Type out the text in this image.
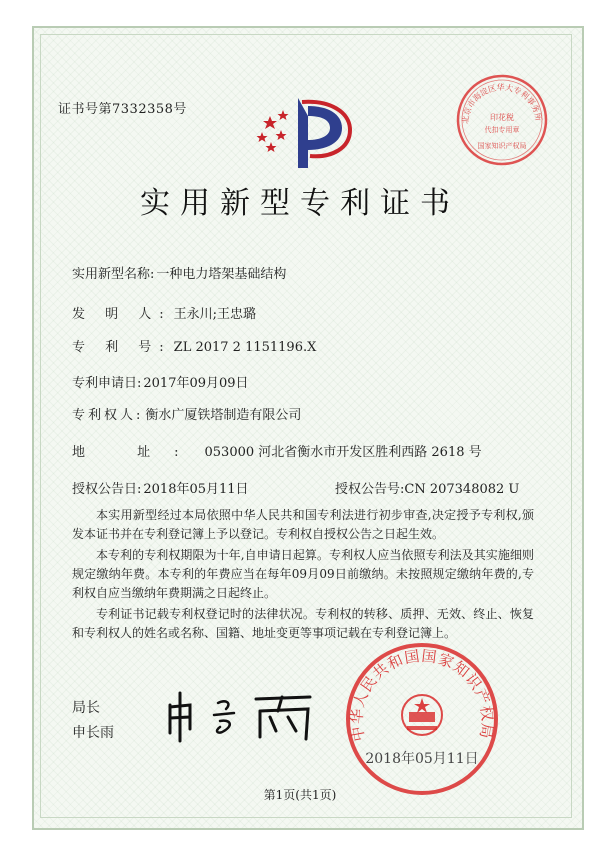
证书号第7332358号
北京市海淀区华大专利事务所
印花税
代扣专用章
国家知识产权局
实用新型专利证书
实用新型名称: 一种电力塔架基础结构
发 明 人: 王永川;王忠璐
专 利 号: ZL 2017 2 1151196.X
专利申请日: 2017年09月09日
专利权人: 衡水广厦铁塔制造有限公司
地 址: 053000 河北省衡水市开发区胜利西路 2618 号
授权公告日: 2018年05月11日	授权公告号:CN 207348082 U

本实用新型经过本局依照中华人民共和国专利法进行初步审查,决定授予专利权,颁发本证书并在专利登记簿上予以登记。专利权自授权公告之日起生效。

本专利的专利权期限为十年,自申请日起算。专利权人应当依照专利法及其实施细则规定缴纳年费。本专利的年费应当在每年09月09日前缴纳。未按照规定缴纳年费的,专利权自应当缴纳年费期满之日起终止。

专利证书记载专利权登记时的法律状况。专利权的转移、质押、无效、终止、恢复和专利权人的姓名或名称、国籍、地址变更等事项记载在专利登记簿上。

局长
申长雨	中华人民共和国国家知识产权局
2018年05月11日
第1页(共1页)
